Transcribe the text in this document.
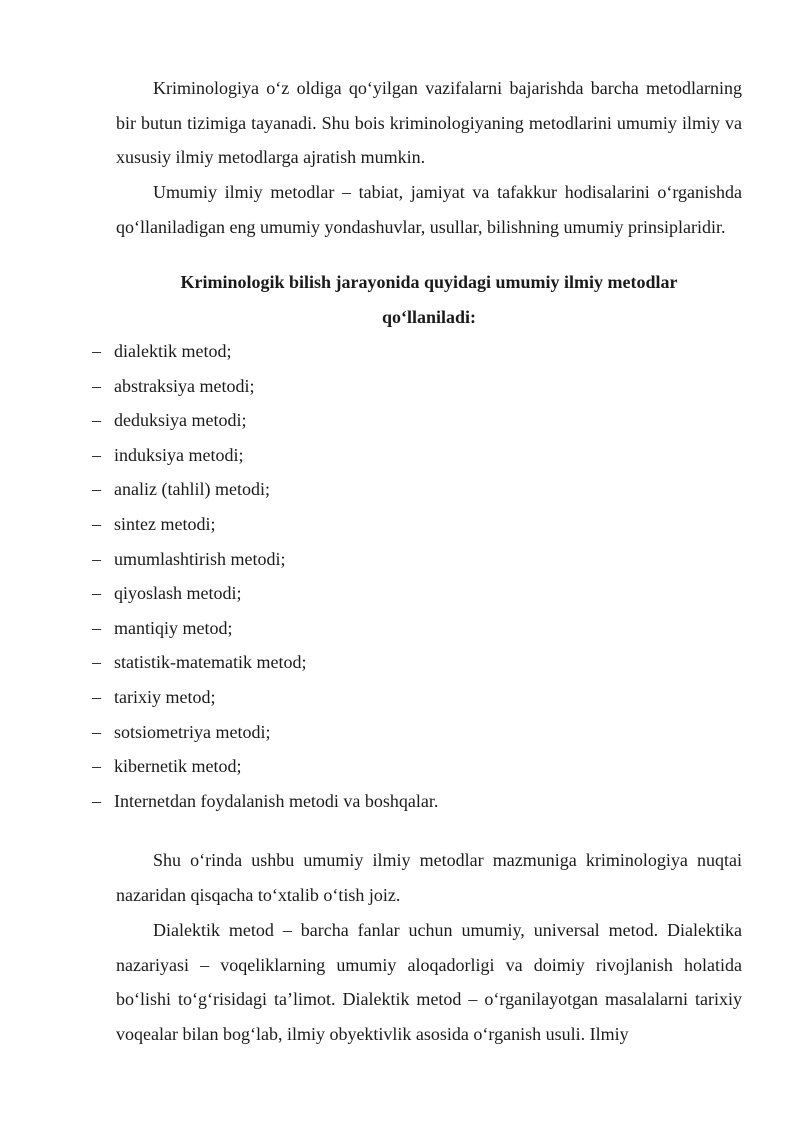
Kriminologiya o‘z oldiga qo‘yilgan vazifalarni bajarishda barcha metodlarning bir butun tizimiga tayanadi. Shu bois kriminologiyaning metodlarini umumiy ilmiy va xususiy ilmiy metodlarga ajratish mumkin.

Umumiy ilmiy metodlar – tabiat, jamiyat va tafakkur hodisalarini o‘rganishda qo‘llaniladigan eng umumiy yondashuvlar, usullar, bilishning umumiy prinsiplaridir.

Kriminologik bilish jarayonida quyidagi umumiy ilmiy metodlar
qo‘llaniladi:
– dialektik metod;
– abstraksiya metodi;
– deduksiya metodi;
– induksiya metodi;
– analiz (tahlil) metodi;
– sintez metodi;
– umumlashtirish metodi;
– qiyoslash metodi;
– mantiqiy metod;
– statistik-matematik metod;
– tarixiy metod;
– sotsiometriya metodi;
– kibernetik metod;
– Internetdan foydalanish metodi va boshqalar.

Shu o‘rinda ushbu umumiy ilmiy metodlar mazmuniga kriminologiya nuqtai nazaridan qisqacha to‘xtalib o‘tish joiz.

Dialektik metod – barcha fanlar uchun umumiy, universal metod. Dialektika nazariyasi – voqeliklarning umumiy aloqadorligi va doimiy rivojlanish holatida bo‘lishi to‘g‘risidagi ta’limot. Dialektik metod – o‘rganilayotgan masalalarni tarixiy voqealar bilan bog‘lab, ilmiy obyektivlik asosida o‘rganish usuli. Ilmiy
